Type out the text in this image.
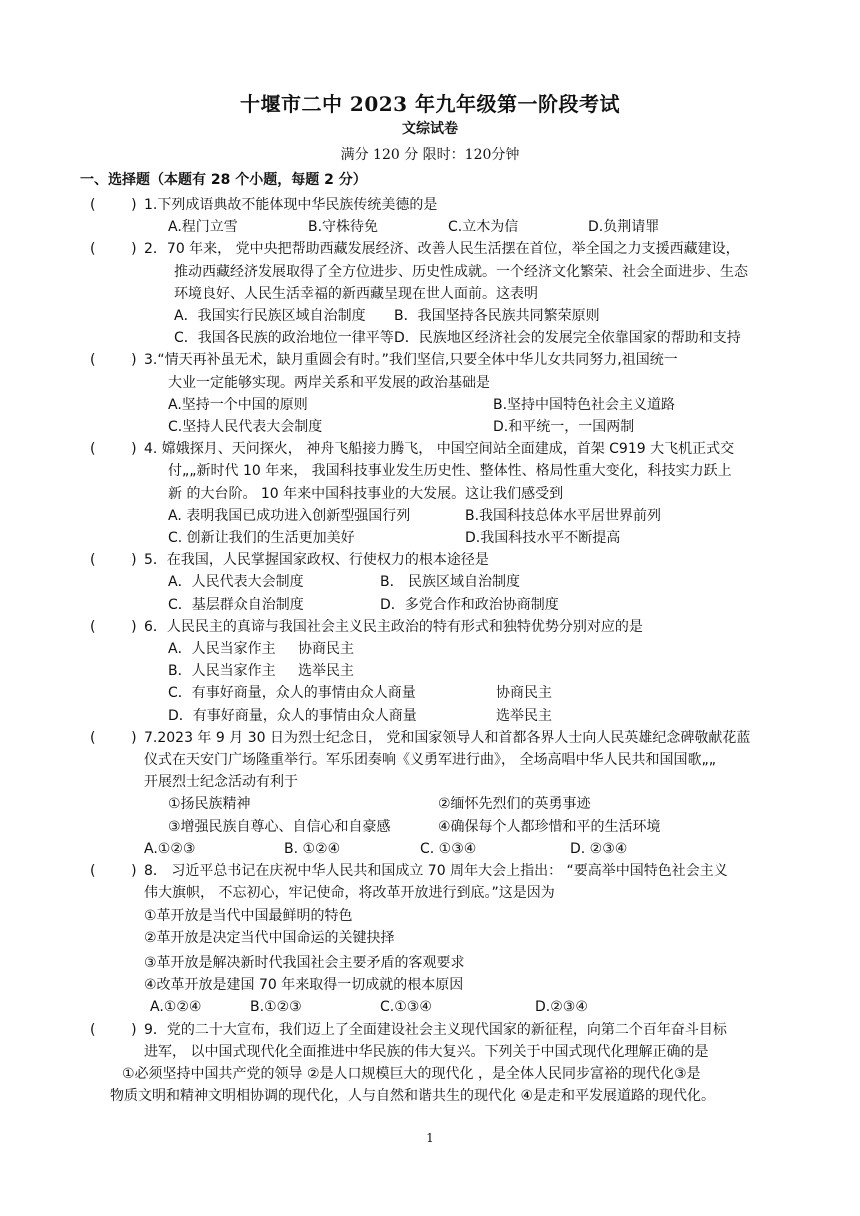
十堰市二中 2023 年九年级第一阶段考试
文综试卷
满分 120 分 限时：120分钟
一、选择题（本题有 28 个小题，每题 2 分）
(        ) 1.下列成语典故不能体现中华民族传统美德的是
A.程门立雪	B.守株待免	C.立木为信	D.负荆请罪
(        ) 2．70 年来， 党中央把帮助西藏发展经济、改善人民生活摆在首位，举全国之力支援西藏建设，
推动西藏经济发展取得了全方位进步、历史性成就。一个经济文化繁荣、社会全面进步、生态
环境良好、人民生活幸福的新西藏呈现在世人面前。这表明
A．我国实行民族区域自治制度 B．我国坚持各民族共同繁荣原则
C．我国各民族的政治地位一律平等D．民族地区经济社会的发展完全依靠国家的帮助和支持
(        ) 3.“情天再补虽无术，缺月重圆会有时。”我们坚信,只要全体中华儿女共同努力,祖国统一
大业一定能够实现。两岸关系和平发展的政治基础是
A.坚持一个中国的原则	B.坚持中国特色社会主义道路
C.坚持人民代表大会制度	D.和平统一，一国两制
(        ) 4. 嫦娥探月、天问探火， 神舟飞船接力腾飞， 中国空间站全面建成，首架 C919 大飞机正式交
付„„新时代 10 年来， 我国科技事业发生历史性、整体性、格局性重大变化，科技实力跃上
新 的大台阶。 10 年来中国科技事业的大发展。这让我们感受到
A. 表明我国已成功进入创新型强国行列	B.我国科技总体水平居世界前列
C. 创新让我们的生活更加美好	D.我国科技水平不断提高
(        ) 5．在我国，人民掌握国家政权、行使权力的根本途径是
A．人民代表大会制度	B． 民族区域自治制度
C．基层群众自治制度	D．多党合作和政治协商制度
(        ) 6．人民民主的真谛与我国社会主义民主政治的特有形式和独特优势分别对应的是
A．人民当家作主 协商民主
B．人民当家作主 选举民主
C．有事好商量，众人的事情由众人商量	协商民主
D．有事好商量，众人的事情由众人商量	选举民主
(        ) 7.2023 年 9 月 30 日为烈士纪念日， 党和国家领导人和首都各界人士向人民英雄纪念碑敬献花蓝
仪式在天安门广场隆重举行。军乐团奏响《义勇军进行曲》， 全场高唱中华人民共和国国歌„„
开展烈士纪念活动有利于
①扬民族精神	②缅怀先烈们的英勇事迹
③增强民族自尊心、自信心和自豪感	④确保每个人都珍惜和平的生活环境
A.①②③	B. ①②④	C. ①③④	D. ②③④
(        ) 8． 习近平总书记在庆祝中华人民共和国成立 70 周年大会上指出： “要高举中国特色社会主义
伟大旗帜， 不忘初心，牢记使命，将改革开放进行到底。”这是因为
①革开放是当代中国最鲜明的特色
②革开放是决定当代中国命运的关键抉择
③革开放是解决新时代我国社会主要矛盾的客观要求
④改革开放是建国 70 年来取得一切成就的根本原因
A.①②④	B.①②③	C.①③④	D.②③④
(        ) 9．党的二十大宣布，我们迈上了全面建设社会主义现代国家的新征程，向第二个百年奋斗目标
进军， 以中国式现代化全面推进中华民族的伟大复兴。下列关于中国式现代化理解正确的是
①必须坚持中国共产党的领导 ②是人口规模巨大的现代化 ，是全体人民同步富裕的现代化③是
物质文明和精神文明相协调的现代化，人与自然和谐共生的现代化 ④是走和平发展道路的现代化。
1
